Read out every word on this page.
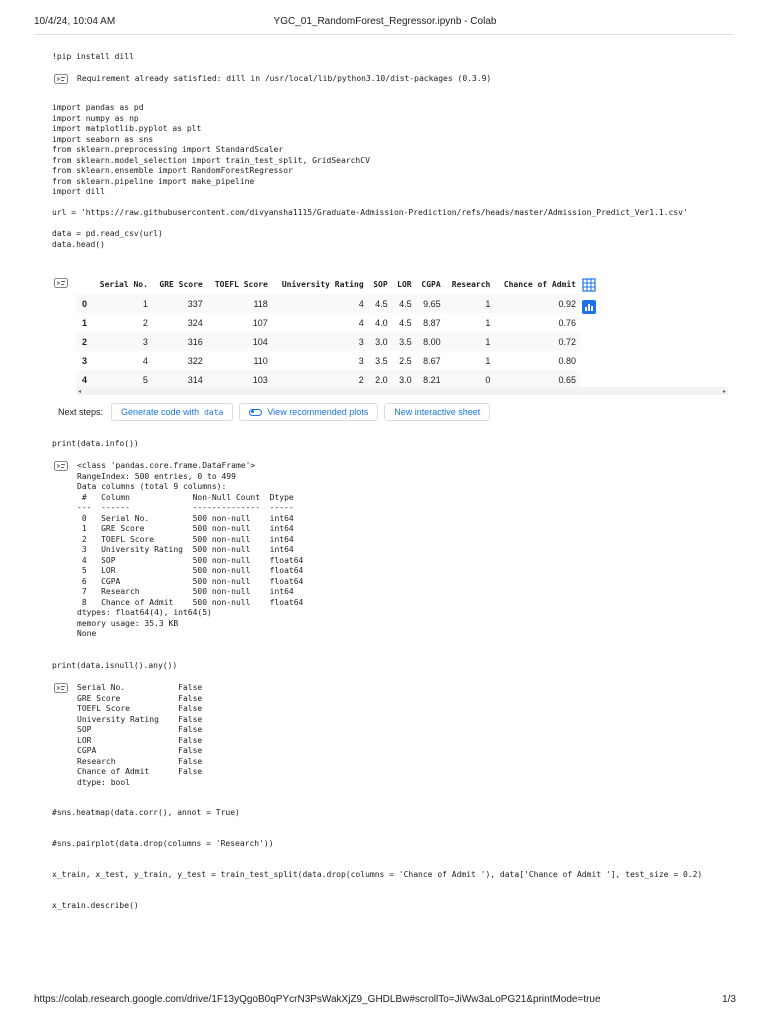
10/4/24, 10:04 AM	YGC_01_RandomForest_Regressor.ipynb - Colab
!pip install dill
Requirement already satisfied: dill in /usr/local/lib/python3.10/dist-packages (0.3.9)
import pandas as pd
import numpy as np
import matplotlib.pyplot as plt
import seaborn as sns
from sklearn.preprocessing import StandardScaler
from sklearn.model_selection import train_test_split, GridSearchCV
from sklearn.ensemble import RandomForestRegressor
from sklearn.pipeline import make_pipeline
import dill

url = 'https://raw.githubusercontent.com/divyansha1115/Graduate-Admission-Prediction/refs/heads/master/Admission_Predict_Ver1.1.csv'

data = pd.read_csv(url)
data.head()
	Serial No.	GRE Score	TOEFL Score	University Rating	SOP	LOR	CGPA	Research	Chance of Admit
0	1	337	118	4	4.5	4.5	9.65	1	0.92
1	2	324	107	4	4.0	4.5	8.87	1	0.76
2	3	316	104	3	3.0	3.5	8.00	1	0.72
3	4	322	110	3	3.5	2.5	8.67	1	0.80
4	5	314	103	2	2.0	3.0	8.21	0	0.65
◂	▸
Next steps: Generate code with data	View recommended plots	New interactive sheet
print(data.info())
<class 'pandas.core.frame.DataFrame'>
RangeIndex: 500 entries, 0 to 499
Data columns (total 9 columns):
#   Column             Non-Null Count  Dtype
---  ------             --------------  -----
0   Serial No.         500 non-null    int64
1   GRE Score          500 non-null    int64
2   TOEFL Score        500 non-null    int64
3   University Rating  500 non-null    int64
4   SOP                500 non-null    float64
5   LOR                500 non-null    float64
6   CGPA               500 non-null    float64
7   Research           500 non-null    int64
8   Chance of Admit    500 non-null    float64
dtypes: float64(4), int64(5)
memory usage: 35.3 KB
None
print(data.isnull().any())
Serial No.           False
GRE Score            False
TOEFL Score          False
University Rating    False
SOP                  False
LOR                  False
CGPA                 False
Research             False
Chance of Admit      False
dtype: bool
#sns.heatmap(data.corr(), annot = True)
#sns.pairplot(data.drop(columns = 'Research'))
x_train, x_test, y_train, y_test = train_test_split(data.drop(columns = 'Chance of Admit '), data['Chance of Admit '], test_size = 0.2)
x_train.describe()
https://colab.research.google.com/drive/1F13yQgoB0qPYcrN3PsWakXjZ9_GHDLBw#scrollTo=JiWw3aLoPG21&printMode=true	1/3
